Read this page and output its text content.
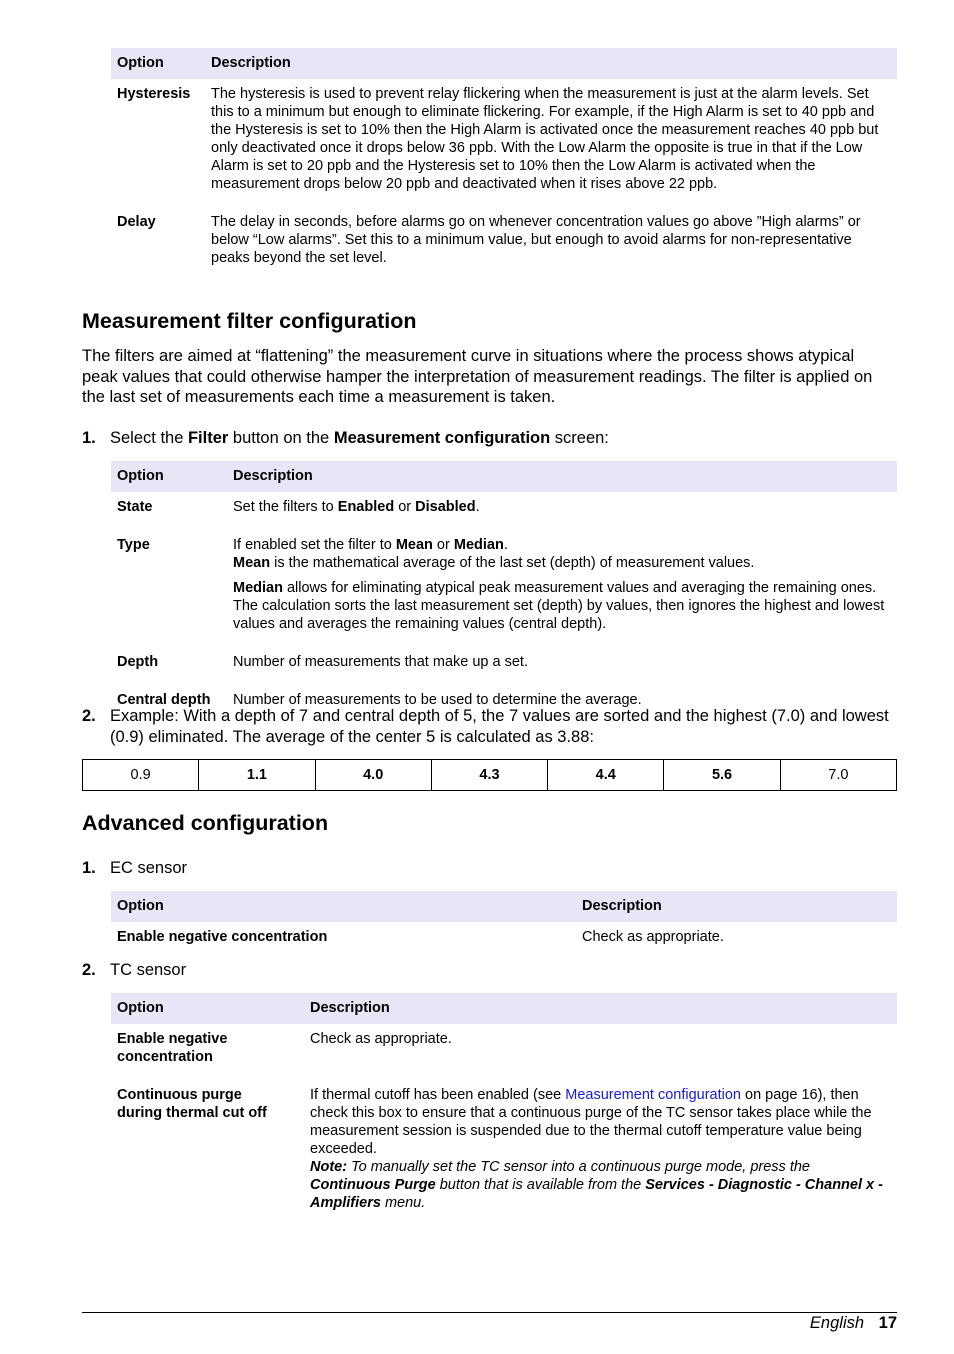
Option	Description
Hysteresis	The hysteresis is used to prevent relay flickering when the measurement is just at the alarm levels. Set this to a minimum but enough to eliminate flickering. For example, if the High Alarm is set to 40 ppb and the Hysteresis is set to 10% then the High Alarm is activated once the measurement reaches 40 ppb but only deactivated once it drops below 36 ppb. With the Low Alarm the opposite is true in that if the Low Alarm is set to 20 ppb and the Hysteresis set to 10% then the Low Alarm is activated when the measurement drops below 20 ppb and deactivated when it rises above 22 ppb.
Delay	The delay in seconds, before alarms go on whenever concentration values go above ”High alarms” or below “Low alarms”. Set this to a minimum value, but enough to avoid alarms for non-representative peaks beyond the set level.
Measurement filter configuration

The filters are aimed at “flattening” the measurement curve in situations where the process shows atypical peak values that could otherwise hamper the interpretation of measurement readings. The filter is applied on the last set of measurements each time a measurement is taken.

1. Select the Filter button on the Measurement configuration screen:
Option	Description
State	Set the filters to Enabled or Disabled.
Type	If enabled set the filter to Mean or Median.

Mean is the mathematical average of the last set (depth) of measurement values.

Median allows for eliminating atypical peak measurement values and averaging the remaining ones. The calculation sorts the last measurement set (depth) by values, then ignores the highest and lowest values and averages the remaining values (central depth).

Depth	Number of measurements that make up a set.
Central depth	Number of measurements to be used to determine the average.
2. Example: With a depth of 7 and central depth of 5, the 7 values are sorted and the highest (7.0) and lowest (0.9) eliminated. The average of the center 5 is calculated as 3.88:
0.9	1.1	4.0	4.3	4.4	5.6	7.0
Advanced configuration
1. EC sensor
Option	Description
Enable negative concentration	Check as appropriate.
2. TC sensor
Option	Description
Enable negative
concentration	Check as appropriate.
Continuous purge
during thermal cut off	If thermal cutoff has been enabled (see Measurement configuration on page 16), then check this box to ensure that a continuous purge of the TC sensor takes place while the measurement session is suspended due to the thermal cutoff temperature value being exceeded.
Note: To manually set the TC sensor into a continuous purge mode, press the Continuous Purge button that is available from the Services - Diagnostic - Channel x - Amplifiers menu.
English 17
